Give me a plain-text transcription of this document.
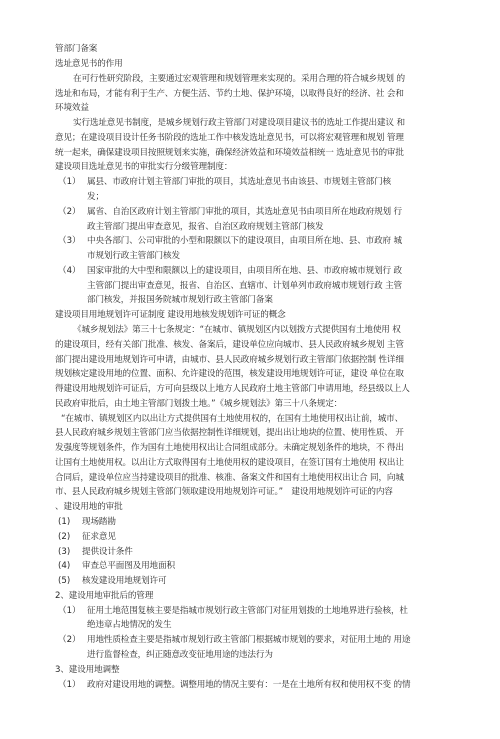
管部门备案
选址意见书的作用
在可行性研究阶段，主要通过宏观管理和规划管理来实现的。采用合理的符合城乡规划 的
选址和布局，才能有利于生产、方便生活、节约土地、保护环境，以取得良好的经济、社 会和
环境效益
实行选址意见书制度，是城乡规划行政主管部门对建设项目建议书的选址工作提出建议 和
意见；在建设项目设计任务书阶段的选址工作中核发选址意见书，可以将宏观管理和规划 管理
统一起来，确保建设项目按照规划来实施，确保经济效益和环境效益相统一 选址意见书的审批
建设项目选址意见书的审批实行分级管理制度：
属县、市政府计划主管部门审批的项目，其选址意见书由该县、市规划主管部门核
（1）
发；
属省、自治区政府计划主管部门审批的项目，其选址意见书由项目所在地政府规划 行
（2）
政主管部门提出审查意见，报省、自治区政府规划主管部门核发
中央各部门、公司审批的小型和限额以下的建设项目，由项目所在地、县、市政府 城
（3）
市规划行政主管部门核发
国家审批的大中型和限额以上的建设项目，由项目所在地、县、市政府城市规划行 政
（4）
主管部门提出审查意见，报省、自治区、直辖市、计划单列市政府城市规划行政 主管
部门核发，并报国务院城市规划行政主管部门备案
建设项目用地规划许可证制度 建设用地核发规划许可证的概念
《城乡规划法》第三十七条规定：“在城市、镇规划区内以划拨方式提供国有土地使用 权
的建设项目，经有关部门批准、核发、备案后，建设单位应向城市、县人民政府城乡规划 主管
部门提出建设用地规划许可申请，由城市、县人民政府城乡规划行政主管部门依据控制 性详细
规划核定建设用地的位置、面积、允许建设的范围，核发建设用地规划许可证，建设 单位在取
得建设用地规划许可证后，方可向县级以上地方人民政府土地主管部门申请用地，经县级以上人
民政府审批后，由土地主管部门划拨土地。”《城乡规划法》第三十八条规定：
“在城市、镇规划区内以出让方式提供国有土地使用权的，在国有土地使用权出让前，城市、
县人民政府城乡规划主管部门应当依据控制性详细规划，提出出让地块的位置、使用性质、 开
发强度等规划条件，作为国有土地使用权出让合同组成部分。未确定规划条件的地块，不 得出
让国有土地使用权。以出让方式取得国有土地使用权的建设项目，在签订国有土地使用 权出让
合同后，建设单位应当持建设项目的批准、核准、备案文件和国有土地使用权出让合 同，向城
市、县人民政府城乡规划主管部门领取建设用地规划许可证。”　建设用地规划许可证的内容
、建设用地的审批
现场踏勘
(1)
征求意见
(2)
提供设计条件
(3)
审查总平面图及用地面积
(4)
核发建设用地规划许可
(5)
2、建设用地审批后的管理
征用土地范围复核主要是指城市规划行政主管部门对征用划拨的土地地界进行验核，杜
（1）
绝违章占地情况的发生
用地性质检查主要是指城市规划行政主管部门根据城市规划的要求，对征用土地的 用途
（2）
进行监督检查，纠正随意改变征地用途的违法行为
3、建设用地调整
政府对建设用地的调整。调整用地的情况主要有：一是在土地所有权和使用权不变 的情
（1）
